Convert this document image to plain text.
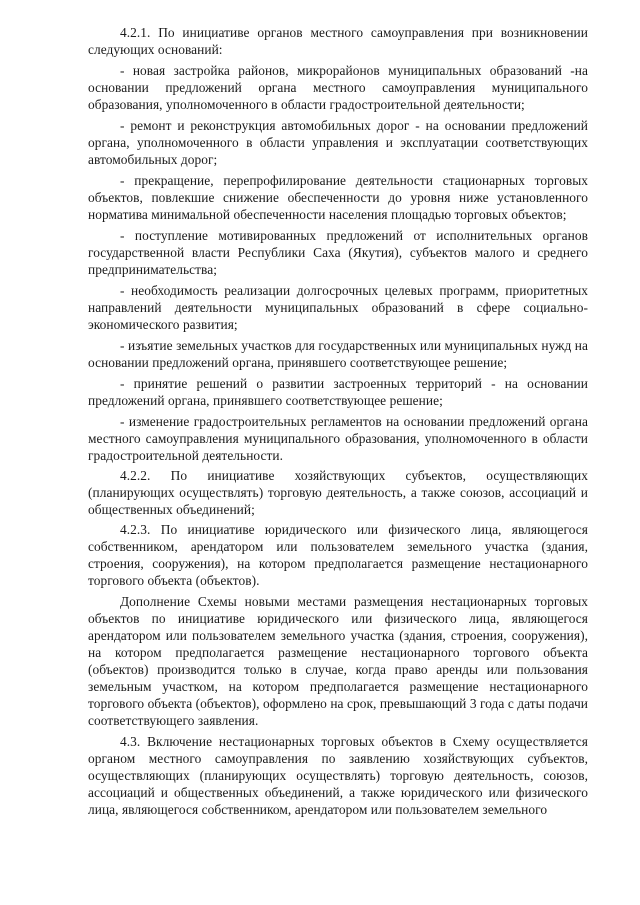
4.2.1. По инициативе органов местного самоуправления при возникновении следующих оснований:

- новая застройка районов, микрорайонов муниципальных образований -на основании предложений органа местного самоуправления муниципального образования, уполномоченного в области градостроительной деятельности;

- ремонт и реконструкция автомобильных дорог - на основании предложений органа, уполномоченного в области управления и эксплуатации соответствующих автомобильных дорог;

- прекращение, перепрофилирование деятельности стационарных торговых объектов, повлекшие снижение обеспеченности до уровня ниже установленного норматива минимальной обеспеченности населения площадью торговых объектов;

- поступление мотивированных предложений от исполнительных органов государственной власти Республики Саха (Якутия), субъектов малого и среднего предпринимательства;

- необходимость реализации долгосрочных целевых программ, приоритетных направлений деятельности муниципальных образований в сфере социально-экономического развития;

- изъятие земельных участков для государственных или муниципальных нужд на основании предложений органа, принявшего соответствующее решение;

- принятие решений о развитии застроенных территорий - на основании предложений органа, принявшего соответствующее решение;

- изменение градостроительных регламентов на основании предложений органа местного самоуправления муниципального образования, уполномоченного в области градостроительной деятельности.

4.2.2. По инициативе хозяйствующих субъектов, осуществляющих (планирующих осуществлять) торговую деятельность, а также союзов, ассоциаций и общественных объединений;

4.2.3. По инициативе юридического или физического лица, являющегося собственником, арендатором или пользователем земельного участка (здания, строения, сооружения), на котором предполагается размещение нестационарного торгового объекта (объектов).

Дополнение Схемы новыми местами размещения нестационарных торговых объектов по инициативе юридического или физического лица, являющегося арендатором или пользователем земельного участка (здания, строения, сооружения), на котором предполагается размещение нестационарного торгового объекта (объектов) производится только в случае, когда право аренды или пользования земельным участком, на котором предполагается размещение нестационарного торгового объекта (объектов), оформлено на срок, превышающий 3 года с даты подачи соответствующего заявления.

4.3. Включение нестационарных торговых объектов в Схему осуществляется органом местного самоуправления по заявлению хозяйствующих субъектов, осуществляющих (планирующих осуществлять) торговую деятельность, союзов, ассоциаций и общественных объединений, а также юридического или физического лица, являющегося собственником, арендатором или пользователем земельного
